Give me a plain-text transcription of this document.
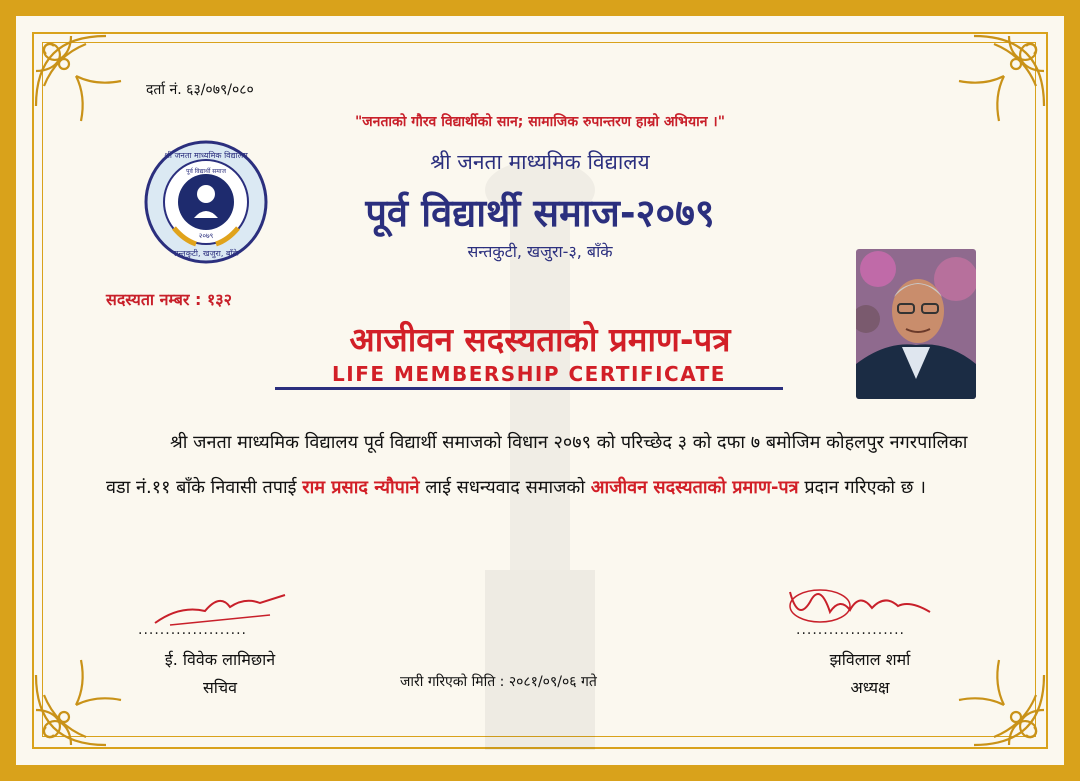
दर्ता नं. ६३/०७९/०८०
"जनताको गौरव विद्यार्थीको सान; सामाजिक रुपान्तरण हाम्रो अभियान ।"
श्री जनता माध्यमिक विद्यालय
पूर्व विद्यार्थी समाज
२०७९
सन्तकुटी, खजुरा, बाँके
श्री जनता माध्यमिक विद्यालय
पूर्व विद्यार्थी समाज-२०७९
सन्तकुटी, खजुरा-३, बाँके
सदस्यता नम्बर : १३२
आजीवन सदस्यताको प्रमाण-पत्र
LIFE MEMBERSHIP CERTIFICATE
श्री जनता माध्यमिक विद्यालय पूर्व विद्यार्थी समाजको विधान २०७९ को परिच्छेद ३ को दफा ७ बमोजिम कोहलपुर नगरपालिका वडा नं.११ बाँके निवासी तपाई राम प्रसाद न्यौपाने लाई सधन्यवाद समाजको आजीवन सदस्यताको प्रमाण-पत्र प्रदान गरिएको छ ।
....................
ई. विवेक लामिछाने
सचिव	जारी गरिएको मिति : २०८१/०९/०६ गते
....................
झविलाल शर्मा
अध्यक्ष
